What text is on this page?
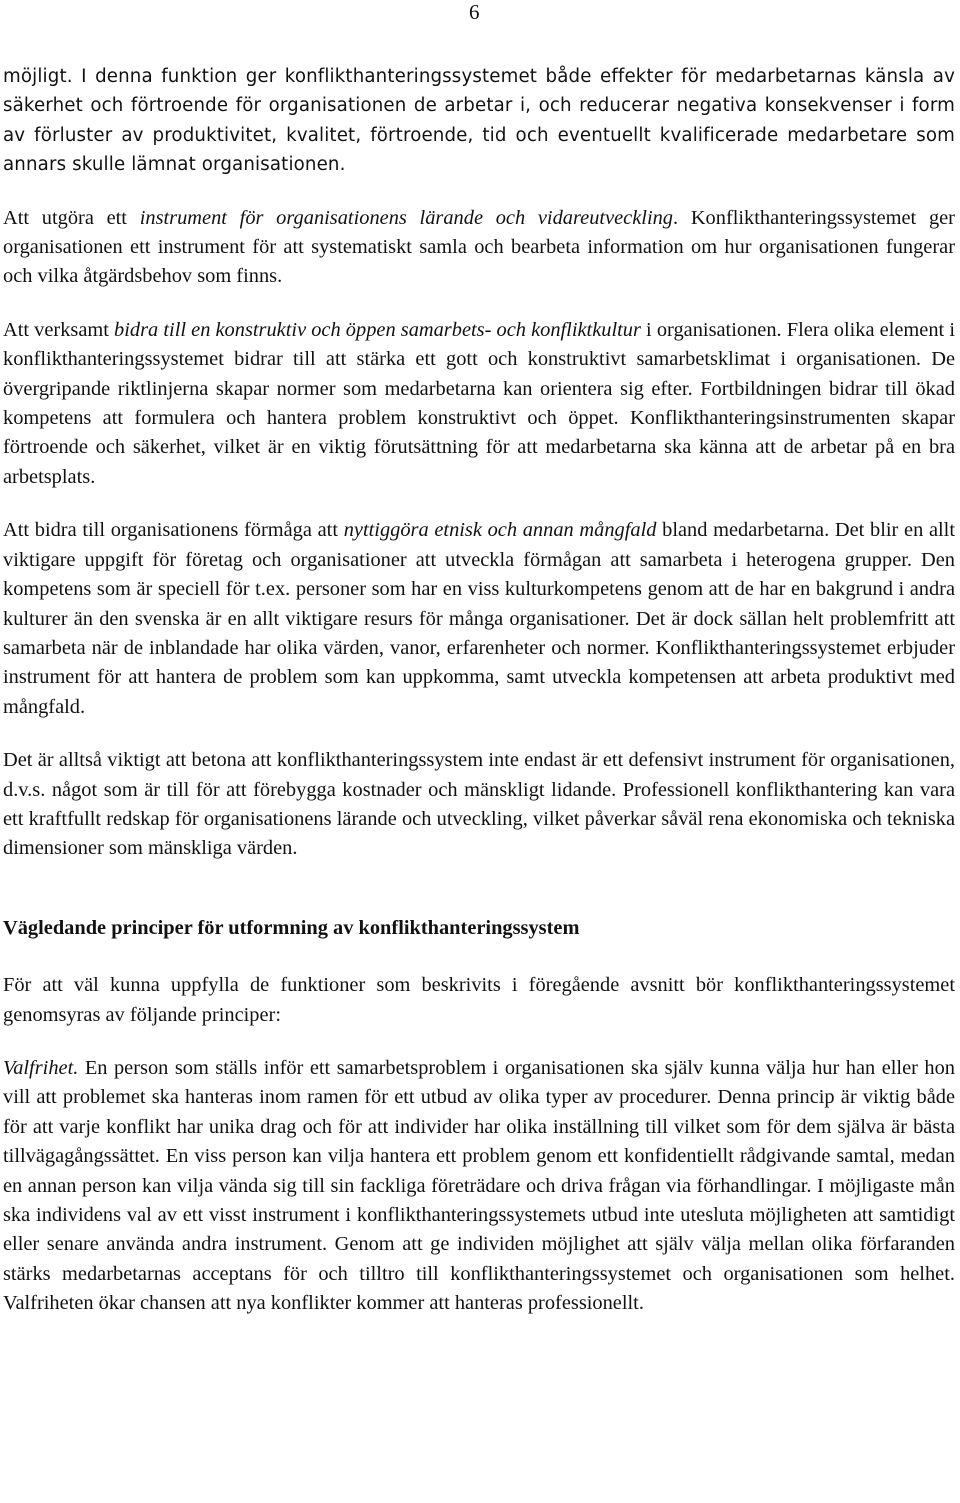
6

möjligt. I denna funktion ger konflikthanteringssystemet både effekter för medarbetarnas känsla av säkerhet och förtroende för organisationen de arbetar i, och reducerar negativa konsekvenser i form av förluster av produktivitet, kvalitet, förtroende, tid och eventuellt kvalificerade medarbetare som annars skulle lämnat organisationen.

Att utgöra ett instrument för organisationens lärande och vidareutveckling. Konflikthanteringssystemet ger organisationen ett instrument för att systematiskt samla och bearbeta information om hur organisationen fungerar och vilka åtgärdsbehov som finns.

Att verksamt bidra till en konstruktiv och öppen samarbets- och konfliktkultur i organisationen. Flera olika element i konflikthanteringssystemet bidrar till att stärka ett gott och konstruktivt samarbetsklimat i organisationen. De övergripande riktlinjerna skapar normer som medarbetarna kan orientera sig efter. Fortbildningen bidrar till ökad kompetens att formulera och hantera problem konstruktivt och öppet. Konflikthanteringsinstrumenten skapar förtroende och säkerhet, vilket är en viktig förutsättning för att medarbetarna ska känna att de arbetar på en bra arbetsplats.

Att bidra till organisationens förmåga att nyttiggöra etnisk och annan mångfald bland medarbetarna. Det blir en allt viktigare uppgift för företag och organisationer att utveckla förmågan att samarbeta i heterogena grupper. Den kompetens som är speciell för t.ex. personer som har en viss kulturkompetens genom att de har en bakgrund i andra kulturer än den svenska är en allt viktigare resurs för många organisationer. Det är dock sällan helt problemfritt att samarbeta när de inblandade har olika värden, vanor, erfarenheter och normer. Konflikthanteringssystemet erbjuder instrument för att hantera de problem som kan uppkomma, samt utveckla kompetensen att arbeta produktivt med mångfald.

Det är alltså viktigt att betona att konflikthanteringssystem inte endast är ett defensivt instrument för organisationen, d.v.s. något som är till för att förebygga kostnader och mänskligt lidande. Professionell konflikthantering kan vara ett kraftfullt redskap för organisationens lärande och utveckling, vilket påverkar såväl rena ekonomiska och tekniska dimensioner som mänskliga värden.

Vägledande principer för utformning av konflikthanteringssystem

För att väl kunna uppfylla de funktioner som beskrivits i föregående avsnitt bör konflikthanteringssystemet genomsyras av följande principer:

Valfrihet. En person som ställs inför ett samarbetsproblem i organisationen ska själv kunna välja hur han eller hon vill att problemet ska hanteras inom ramen för ett utbud av olika typer av procedurer. Denna princip är viktig både för att varje konflikt har unika drag och för att individer har olika inställning till vilket som för dem själva är bästa tillvägagångssättet. En viss person kan vilja hantera ett problem genom ett konfidentiellt rådgivande samtal, medan en annan person kan vilja vända sig till sin fackliga företrädare och driva frågan via förhandlingar. I möjligaste mån ska individens val av ett visst instrument i konflikthanteringssystemets utbud inte utesluta möjligheten att samtidigt eller senare använda andra instrument. Genom att ge individen möjlighet att själv välja mellan olika förfaranden stärks medarbetarnas acceptans för och tilltro till konflikthanteringssystemet och organisationen som helhet. Valfriheten ökar chansen att nya konflikter kommer att hanteras professionellt.
